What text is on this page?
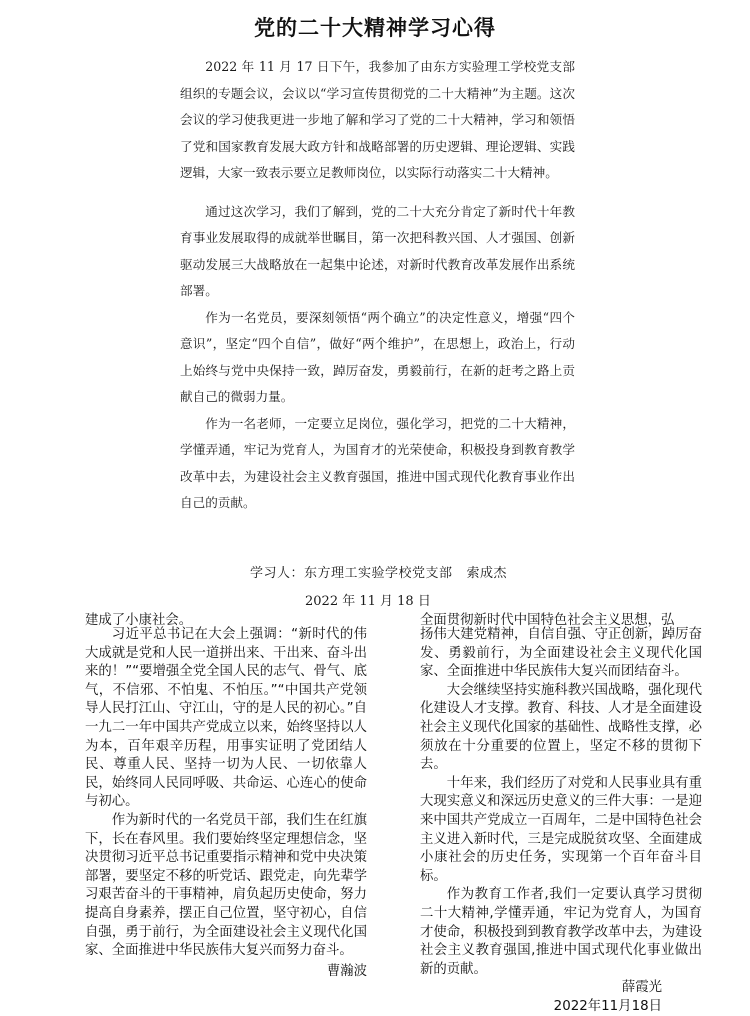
党的二十大精神学习心得

2022 年 11 月 17 日下午，我参加了由东方实验理工学校党支部组织的专题会议，会议以“学习宣传贯彻党的二十大精神”为主题。这次会议的学习使我更进一步地了解和学习了党的二十大精神，学习和领悟了党和国家教育发展大政方针和战略部署的历史逻辑、理论逻辑、实践逻辑，大家一致表示要立足教师岗位，以实际行动落实二十大精神。

通过这次学习，我们了解到，党的二十大充分肯定了新时代十年教育事业发展取得的成就举世瞩目，第一次把科教兴国、人才强国、创新驱动发展三大战略放在一起集中论述，对新时代教育改革发展作出系统部署。

作为一名党员，要深刻领悟“两个确立”的决定性意义，增强“四个意识”，坚定“四个自信”，做好“两个维护”，在思想上，政治上，行动上始终与党中央保持一致，踔厉奋发，勇毅前行，在新的赶考之路上贡献自己的微弱力量。

作为一名老师，一定要立足岗位，强化学习，把党的二十大精神，学懂弄通，牢记为党育人，为国育才的光荣使命，积极投身到教育教学改革中去，为建设社会主义教育强国，推进中国式现代化教育事业作出自己的贡献。

学习人：东方理工实验学校党支部 索成杰
2022 年 11 月 18 日

建成了小康社会。

习近平总书记在大会上强调：“新时代的伟大成就是党和人民一道拼出来、干出来、奋斗出来的！”“要增强全党全国人民的志气、骨气、底气，不信邪、不怕鬼、不怕压。”“中国共产党领导人民打江山、守江山，守的是人民的初心。”自一九二一年中国共产党成立以来，始终坚持以人为本，百年艰辛历程，用事实证明了党团结人民、尊重人民、坚持一切为人民、一切依靠人民，始终同人民同呼吸、共命运、心连心的使命与初心。

作为新时代的一名党员干部，我们生在红旗下，长在春风里。我们要始终坚定理想信念，坚决贯彻习近平总书记重要指示精神和党中央决策部署，要坚定不移的听党话、跟党走，向先辈学习艰苦奋斗的干事精神，肩负起历史使命，努力提高自身素养，摆正自己位置，坚守初心，自信自强，勇于前行，为全面建设社会主义现代化国家、全面推进中华民族伟大复兴而努力奋斗。

曹瀚波

全面贯彻新时代中国特色社会主义思想，弘

扬伟大建党精神，自信自强、守正创新，踔厉奋发、勇毅前行，为全面建设社会主义现代化国家、全面推进中华民族伟大复兴而团结奋斗。

大会继续坚持实施科教兴国战略，强化现代化建设人才支撑。教育、科技、人才是全面建设社会主义现代化国家的基础性、战略性支撑，必须放在十分重要的位置上，坚定不移的贯彻下去。

十年来，我们经历了对党和人民事业具有重大现实意义和深远历史意义的三件大事：一是迎来中国共产党成立一百周年，二是中国特色社会主义进入新时代，三是完成脱贫攻坚、全面建成小康社会的历史任务，实现第一个百年奋斗目标。

作为教育工作者,我们一定要认真学习贯彻二十大精神,学懂弄通，牢记为党育人，为国育才使命，积极投到到教育教学改革中去，为建设社会主义教育强国,推进中国式现代化事业做出新的贡献。

薛霞光
2022年11月18日
